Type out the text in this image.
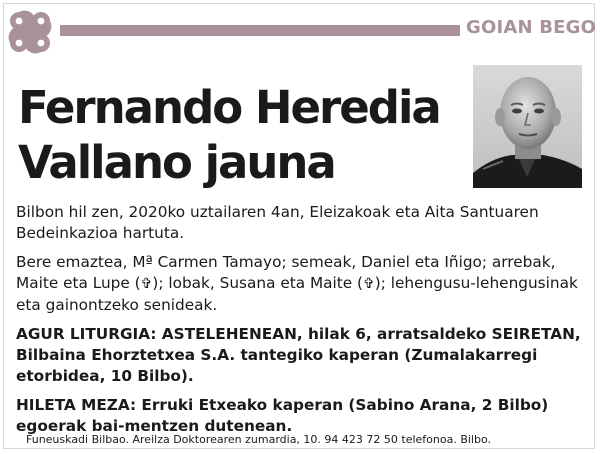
GOIAN BEGO
Fernando Heredia
Vallano jauna

Bilbon hil zen, 2020ko uztailaren 4an, Eleizakoak eta Aita Santuaren Bedeinkazioa hartuta.

Bere emaztea, Mª Carmen Tamayo; semeak, Daniel eta Iñigo; arrebak, Maite eta Lupe (✞); lobak, Susana eta Maite (✞); lehengusu-lehengusinak eta gainontzeko senideak.

AGUR LITURGIA: ASTELEHENEAN, hilak 6, arratsaldeko SEIRETAN, Bilbaina Ehorztetxea S.A. tantegiko kaperan (Zumalakarregi etorbidea, 10 Bilbo).

HILETA MEZA: Erruki Etxeako kaperan (Sabino Arana, 2 Bilbo) egoerak bai-mentzen dutenean.

Funeuskadi Bilbao. Areilza Doktorearen zumardia, 10. 94 423 72 50 telefonoa. Bilbo.
